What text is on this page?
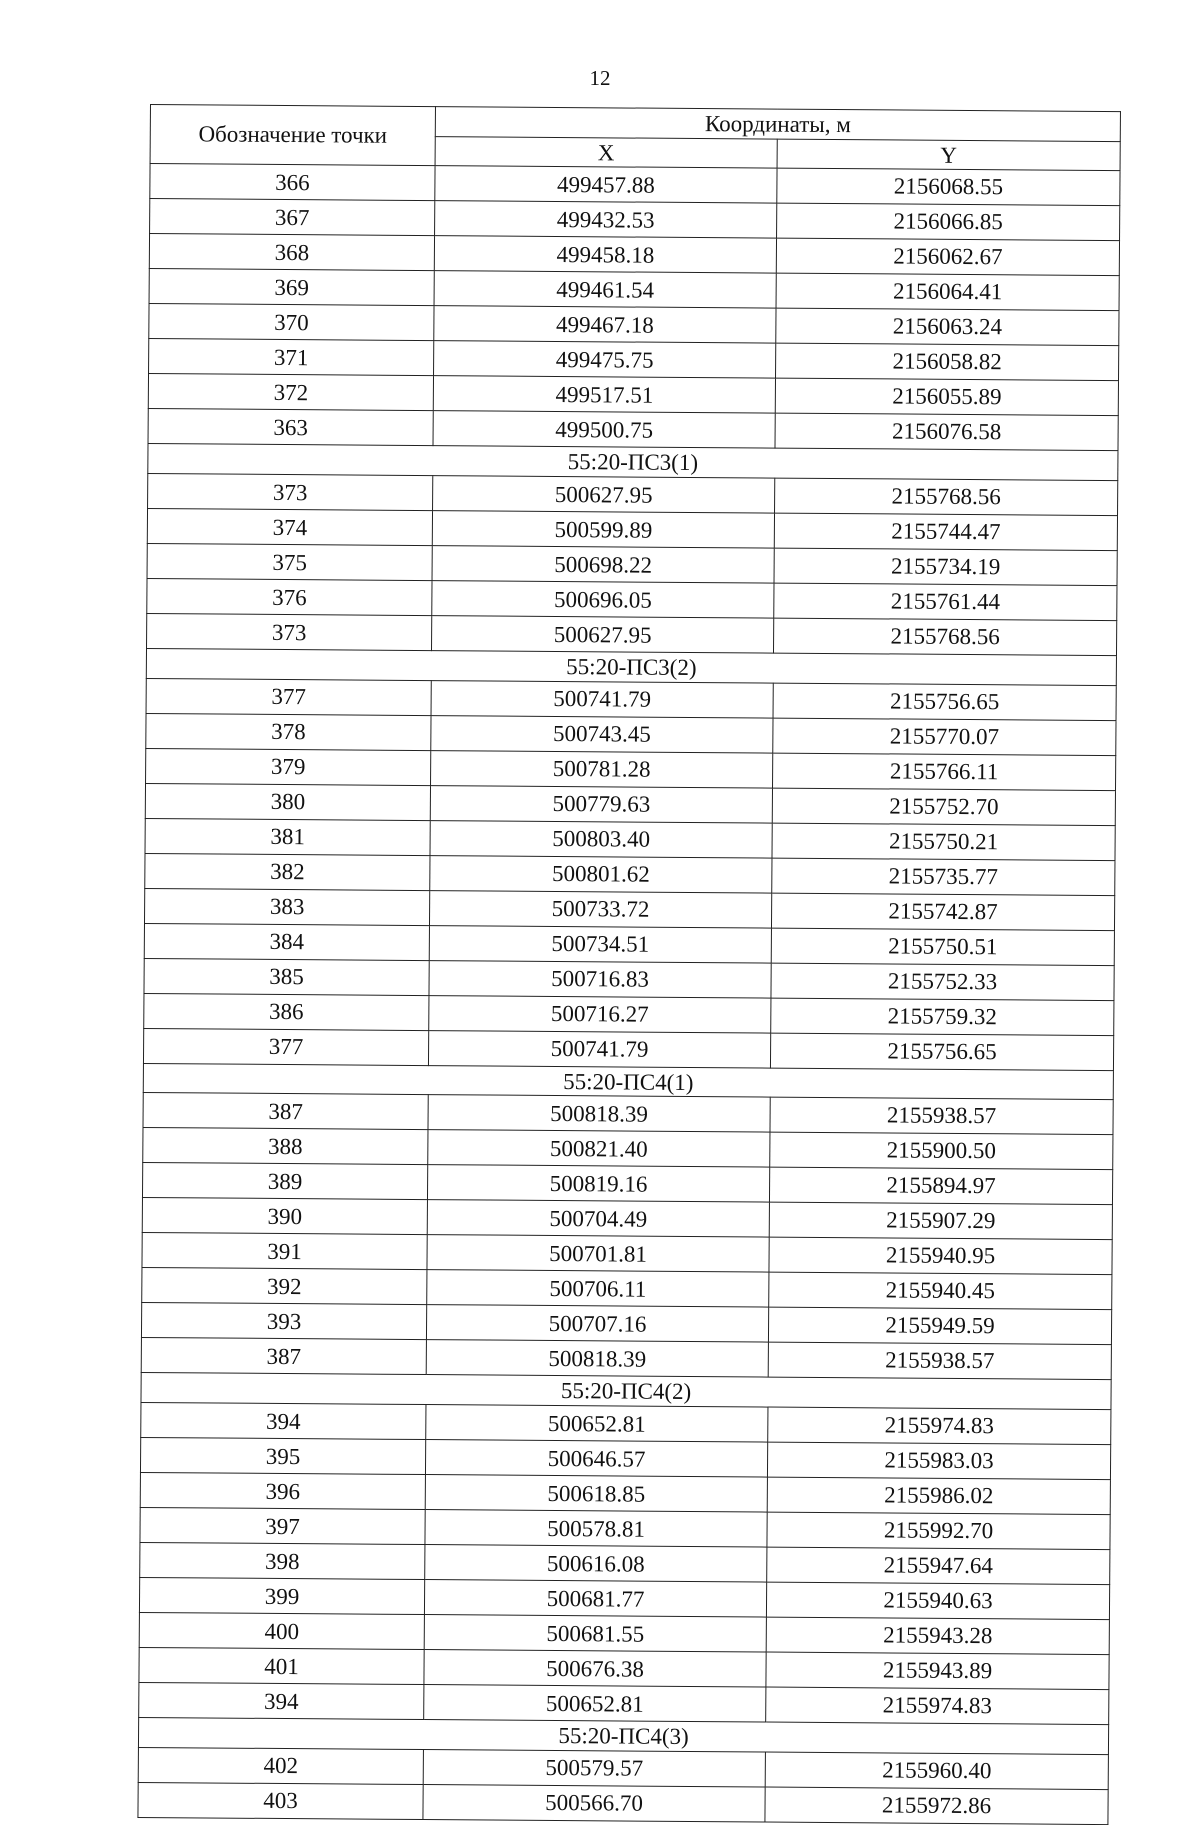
12
Обозначение точки	Координаты, м	
	X	Y
366	499457.88	2156068.55
367	499432.53	2156066.85
368	499458.18	2156062.67
369	499461.54	2156064.41
370	499467.18	2156063.24
371	499475.75	2156058.82
372	499517.51	2156055.89
363	499500.75	2156076.58
55:20-ПС3(1)		
373	500627.95	2155768.56
374	500599.89	2155744.47
375	500698.22	2155734.19
376	500696.05	2155761.44
373	500627.95	2155768.56
55:20-ПС3(2)		
377	500741.79	2155756.65
378	500743.45	2155770.07
379	500781.28	2155766.11
380	500779.63	2155752.70
381	500803.40	2155750.21
382	500801.62	2155735.77
383	500733.72	2155742.87
384	500734.51	2155750.51
385	500716.83	2155752.33
386	500716.27	2155759.32
377	500741.79	2155756.65
55:20-ПС4(1)		
387	500818.39	2155938.57
388	500821.40	2155900.50
389	500819.16	2155894.97
390	500704.49	2155907.29
391	500701.81	2155940.95
392	500706.11	2155940.45
393	500707.16	2155949.59
387	500818.39	2155938.57
55:20-ПС4(2)		
394	500652.81	2155974.83
395	500646.57	2155983.03
396	500618.85	2155986.02
397	500578.81	2155992.70
398	500616.08	2155947.64
399	500681.77	2155940.63
400	500681.55	2155943.28
401	500676.38	2155943.89
394	500652.81	2155974.83
55:20-ПС4(3)		
402	500579.57	2155960.40
403	500566.70	2155972.86
